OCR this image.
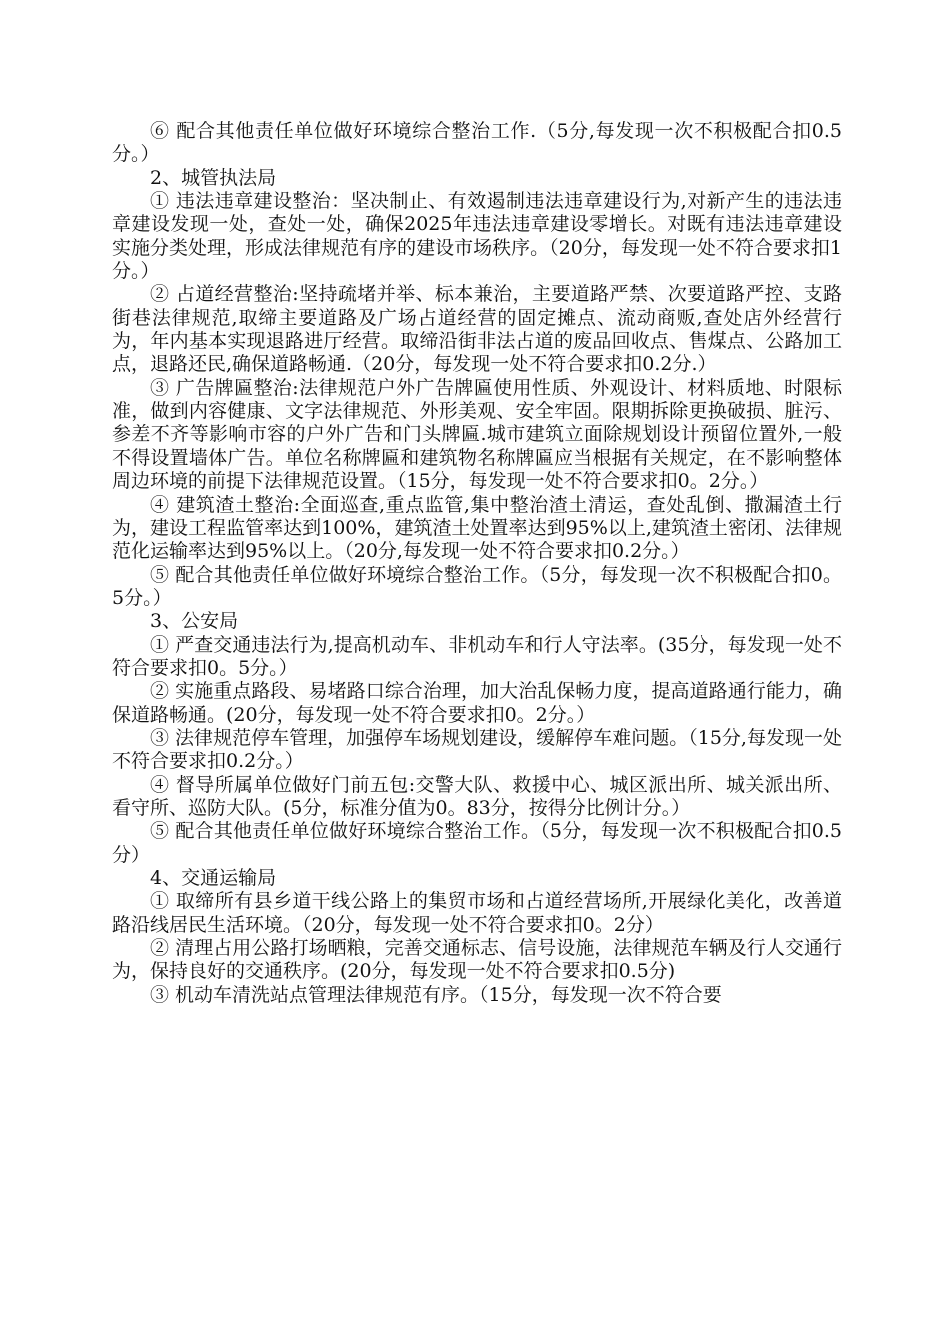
⑥ 配合其他责任单位做好环境综合整治工作.（5分,每发现一次不积极配合扣0.5分。）

2、城管执法局

① 违法违章建设整治：坚决制止、有效遏制违法违章建设行为,对新产生的违法违章建设发现一处，查处一处，确保2025年违法违章建设零增长。对既有违法违章建设实施分类处理，形成法律规范有序的建设市场秩序。（20分，每发现一处不符合要求扣1分。）

② 占道经营整治:坚持疏堵并举、标本兼治，主要道路严禁、次要道路严控、支路街巷法律规范,取缔主要道路及广场占道经营的固定摊点、流动商贩,查处店外经营行为，年内基本实现退路进厅经营。取缔沿街非法占道的废品回收点、售煤点、公路加工点，退路还民,确保道路畅通.（20分，每发现一处不符合要求扣0.2分.）

③ 广告牌匾整治:法律规范户外广告牌匾使用性质、外观设计、材料质地、时限标准，做到内容健康、文字法律规范、外形美观、安全牢固。限期拆除更换破损、脏污、参差不齐等影响市容的户外广告和门头牌匾.城市建筑立面除规划设计预留位置外,一般不得设置墙体广告。单位名称牌匾和建筑物名称牌匾应当根据有关规定，在不影响整体周边环境的前提下法律规范设置。（15分，每发现一处不符合要求扣0。2分。）

④ 建筑渣土整治:全面巡查,重点监管,集中整治渣土清运，查处乱倒、撒漏渣土行为，建设工程监管率达到100%，建筑渣土处置率达到95%以上,建筑渣土密闭、法律规范化运输率达到95%以上。（20分,每发现一处不符合要求扣0.2分。）

⑤ 配合其他责任单位做好环境综合整治工作。（5分，每发现一次不积极配合扣0。5分。）

3、公安局

① 严查交通违法行为,提高机动车、非机动车和行人守法率。(35分，每发现一处不符合要求扣0。5分。）

② 实施重点路段、易堵路口综合治理，加大治乱保畅力度，提高道路通行能力，确保道路畅通。(20分，每发现一处不符合要求扣0。2分。）

③ 法律规范停车管理，加强停车场规划建设，缓解停车难问题。（15分,每发现一处不符合要求扣0.2分。）

④ 督导所属单位做好门前五包:交警大队、救援中心、城区派出所、城关派出所、看守所、巡防大队。(5分，标准分值为0。83分，按得分比例计分。）

⑤ 配合其他责任单位做好环境综合整治工作。（5分，每发现一次不积极配合扣0.5分）

4、交通运输局

① 取缔所有县乡道干线公路上的集贸市场和占道经营场所,开展绿化美化，改善道路沿线居民生活环境。（20分，每发现一处不符合要求扣0。2分）

② 清理占用公路打场晒粮，完善交通标志、信号设施，法律规范车辆及行人交通行为，保持良好的交通秩序。(20分，每发现一处不符合要求扣0.5分)

③ 机动车清洗站点管理法律规范有序。（15分，每发现一次不符合要
